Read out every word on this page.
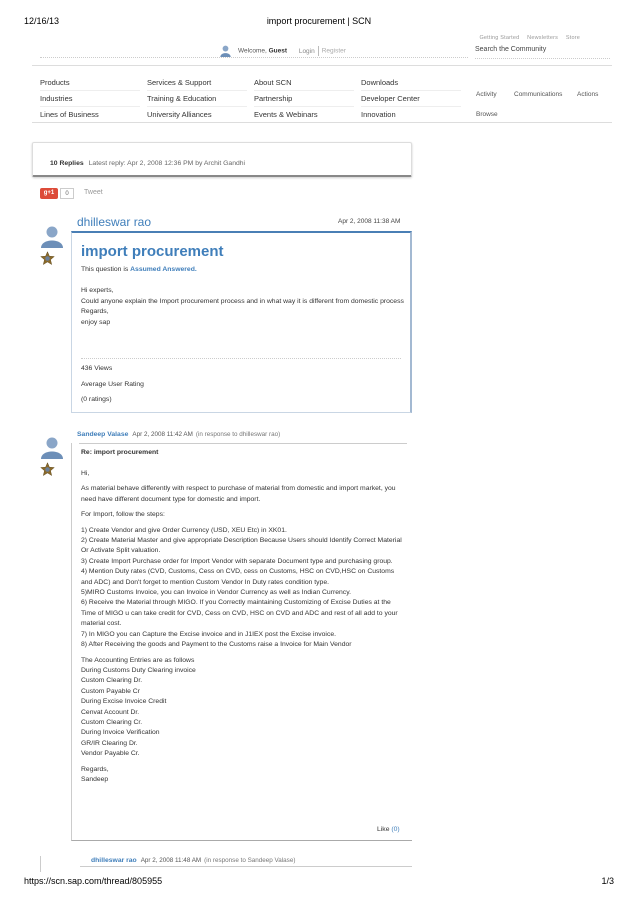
12/16/13	import procurement | SCN
Getting Started Newsletters Store
Welcome, Guest Login Register	Search the Community
Products
Industries
Lines of Business
Services & Support
Training & Education
University Alliances
About SCN
Partnership
Events & Webinars
Downloads
Developer Center
Innovation
Activity	Communications Actions
Browse
10 Replies Latest reply: Apr 2, 2008 12:36 PM by Archit Gandhi
g+1	0	Tweet
dhilleswar rao	Apr 2, 2008 11:38 AM
import procurement
This question is Assumed Answered.
Hi experts,
Could anyone explain the Import procurement process and in what way it is different from domestic process
Regards,
enjoy sap
436 Views
Average User Rating
(0 ratings)
Sandeep Valase Apr 2, 2008 11:42 AM (in response to dhilleswar rao)
Re: import procurement

Hi,

As material behave differently with respect to purchase of material from domestic and import market, you need have different document type for domestic and import.

For Import, follow the steps:

1) Create Vendor and give Order Currency (USD, XEU Etc) in XK01.
2) Create Material Master and give appropriate Description Because Users should Identify Correct Material Or Activate Split valuation.
3) Create Import Purchase order for Import Vendor with separate Document type and purchasing group.
4) Mention Duty rates (CVD, Customs, Cess on CVD, cess on Customs, HSC on CVD,HSC on Customs and ADC) and Don't forget to mention Custom Vendor In Duty rates condition type.
5)MIRO Customs Invoice, you can Invoice in Vendor Currency as well as Indian Currency.
6) Receive the Material through MIGO. If you Correctly maintaining Customizing of Excise Duties at the Time of MIGO u can take credit for CVD, Cess on CVD, HSC on CVD and ADC and rest of all add to your material cost.
7) In MIGO you can Capture the Excise invoice and in J1IEX post the Excise invoice.
8) After Receiving the goods and Payment to the Customs raise a Invoice for Main Vendor

The Accounting Entries are as follows
During Customs Duty Clearing invoice
Custom Clearing Dr.
Custom Payable Cr
During Excise Invoice Credit
Cenvat Account Dr.
Custom Clearing Cr.
During Invoice Verification
GR/IR Clearing Dr.
Vendor Payable Cr.

Regards,
Sandeep

Like (0)
dhilleswar rao Apr 2, 2008 11:48 AM (in response to Sandeep Valase)
https://scn.sap.com/thread/805955	1/3
